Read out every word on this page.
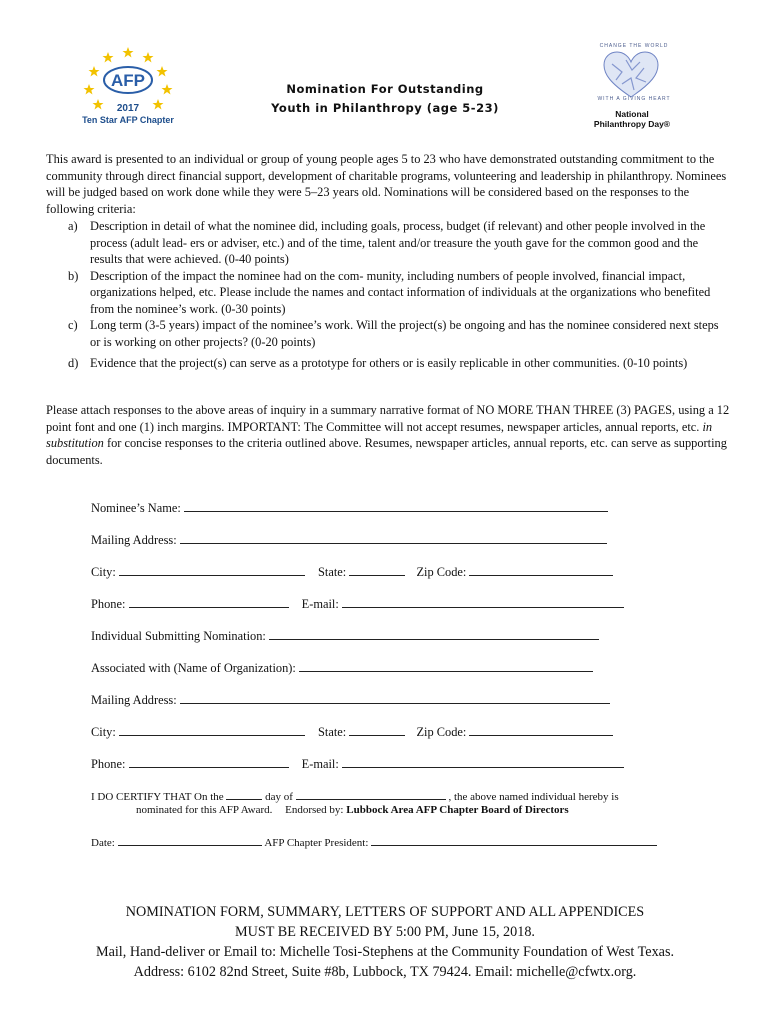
AFP
2017
Ten Star AFP Chapter
Nomination For Outstanding
Youth in Philanthropy (age 5-23)
CHANGE THE WORLD
WITH A GIVING HEART
National
Philanthropy Day®
This award is presented to an individual or group of young people ages 5 to 23 who have demonstrated outstanding commitment to the community through direct financial support, development of charitable programs, volunteering and leadership in philanthropy. Nominees will be judged based on work done while they were 5–23 years old. Nominations will be considered based on the responses to the following criteria:
a) Description in detail of what the nominee did, including goals, process, budget (if relevant) and other people involved in the process (adult lead- ers or adviser, etc.) and of the time, talent and/or treasure the youth gave for the common good and the results that were achieved. (0-40 points)
b) Description of the impact the nominee had on the com- munity, including numbers of people involved, financial impact, organizations helped, etc. Please include the names and contact information of individuals at the organizations who benefited from the nominee’s work. (0-30 points)
c) Long term (3-5 years) impact of the nominee’s work. Will the project(s) be ongoing and has the nominee considered next steps or is working on other projects? (0-20 points)
d) Evidence that the project(s) can serve as a prototype for others or is easily replicable in other communities. (0-10 points)
Please attach responses to the above areas of inquiry in a summary narrative format of NO MORE THAN THREE (3) PAGES, using a 12 point font and one (1) inch margins. IMPORTANT: The Committee will not accept resumes, newspaper articles, annual reports, etc. in substitution for concise responses to the criteria outlined above. Resumes, newspaper articles, annual reports, etc. can serve as supporting documents.
Nominee’s Name:
Mailing Address:
City:	State:	Zip Code:
Phone:	E-mail:
Individual Submitting Nomination:
Associated with (Name of Organization):
Mailing Address:
City:	State:	Zip Code:
Phone:	E-mail:
I DO CERTIFY THAT On the	day of	, the above named individual hereby is
nominated for this AFP Award. Endorsed by: Lubbock Area AFP Chapter Board of Directors
Date:	AFP Chapter President:
NOMINATION FORM, SUMMARY, LETTERS OF SUPPORT AND ALL APPENDICES
MUST BE RECEIVED BY 5:00 PM, June 15, 2018.
Mail, Hand-deliver or Email to: Michelle Tosi-Stephens at the Community Foundation of West Texas.
Address: 6102 82nd Street, Suite #8b, Lubbock, TX 79424. Email: michelle@cfwtx.org.
